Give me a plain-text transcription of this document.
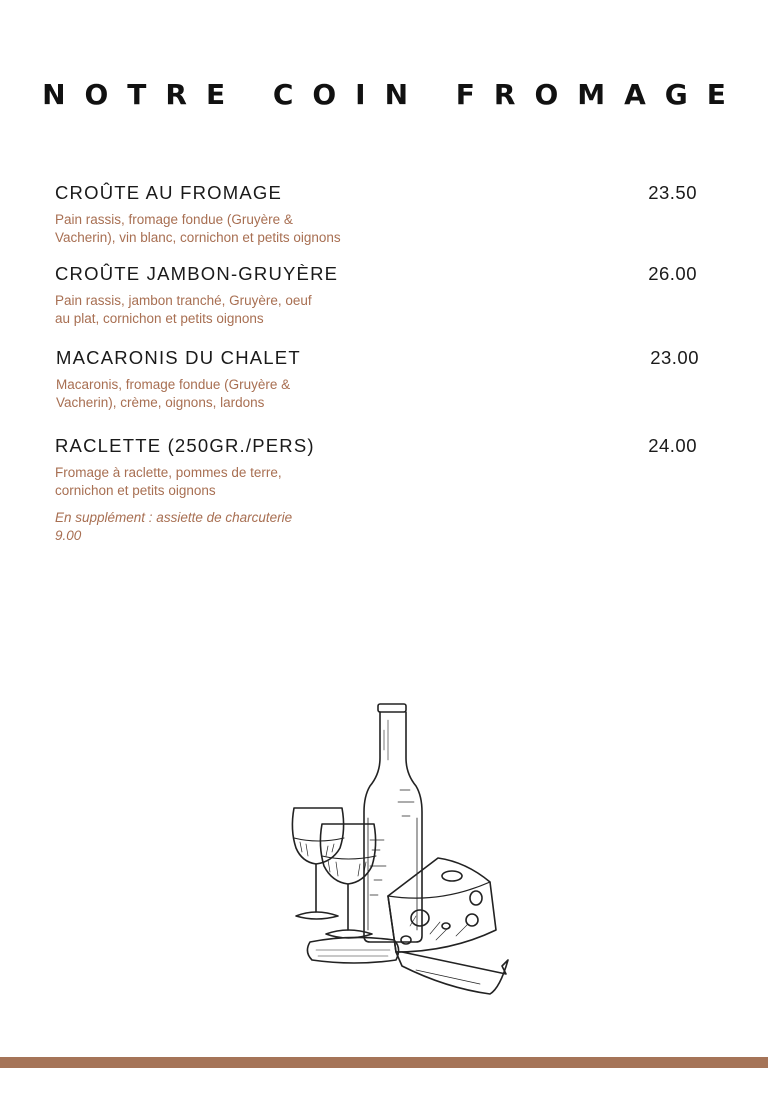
NOTRE COIN FROMAGE
CROÛTE AU FROMAGE	23.50
Pain rassis, fromage fondue (Gruyère &
Vacherin), vin blanc, cornichon et petits oignons
CROÛTE JAMBON-GRUYÈRE	26.00
Pain rassis, jambon tranché, Gruyère, oeuf
au plat, cornichon et petits oignons
MACARONIS DU CHALET	23.00
Macaronis, fromage fondue (Gruyère &
Vacherin), crème, oignons, lardons
RACLETTE (250GR./PERS)	24.00
Fromage à raclette, pommes de terre,
cornichon et petits oignons
En supplément : assiette de charcuterie
9.00
